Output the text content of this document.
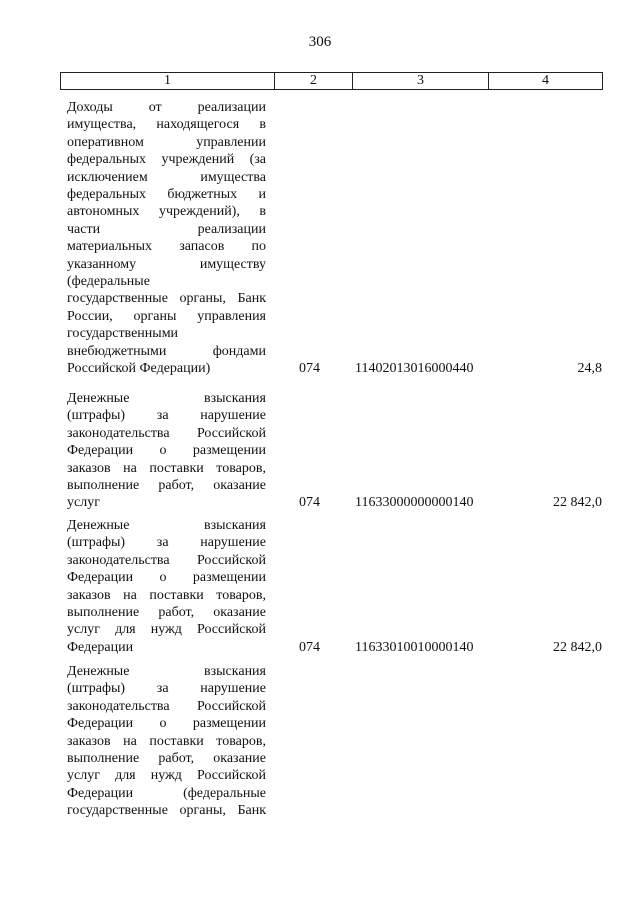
306
1	2	3	4
Доходы от реализации
имущества, находящегося в
оперативном управлении
федеральных учреждений (за
исключением имущества
федеральных бюджетных и
автономных учреждений), в
части реализации
материальных запасов по
указанному имуществу
(федеральные
государственные органы, Банк
России, органы управления
государственными
внебюджетными фондами
Российской Федерации)	074	11402013016000440	24,8
Денежные взыскания
(штрафы) за нарушение
законодательства Российской
Федерации о размещении
заказов на поставки товаров,
выполнение работ, оказание
услуг	074	11633000000000140	22 842,0
Денежные взыскания
(штрафы) за нарушение
законодательства Российской
Федерации о размещении
заказов на поставки товаров,
выполнение работ, оказание
услуг для нужд Российской
Федерации	074	11633010010000140	22 842,0
Денежные взыскания
(штрафы) за нарушение
законодательства Российской
Федерации о размещении
заказов на поставки товаров,
выполнение работ, оказание
услуг для нужд Российской
Федерации (федеральные
государственные органы, Банк
